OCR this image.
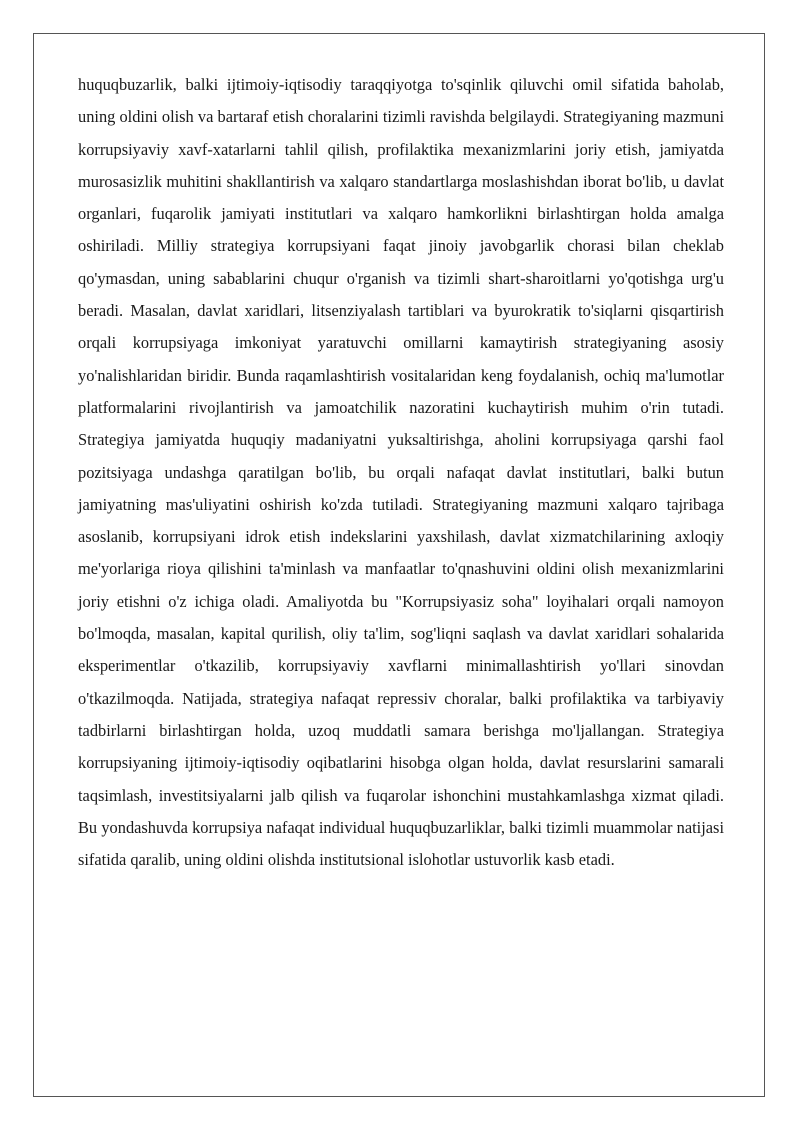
huquqbuzarlik, balki ijtimoiy-iqtisodiy taraqqiyotga to'sqinlik qiluvchi omil sifatida baholab, uning oldini olish va bartaraf etish choralarini tizimli ravishda belgilaydi. Strategiyaning mazmuni korrupsiyaviy xavf-xatarlarni tahlil qilish, profilaktika mexanizmlarini joriy etish, jamiyatda murosasizlik muhitini shakllantirish va xalqaro standartlarga moslashishdan iborat bo'lib, u davlat organlari, fuqarolik jamiyati institutlari va xalqaro hamkorlikni birlashtirgan holda amalga oshiriladi. Milliy strategiya korrupsiyani faqat jinoiy javobgarlik chorasi bilan cheklab qo'ymasdan, uning sabablarini chuqur o'rganish va tizimli shart-sharoitlarni yo'qotishga urg'u beradi. Masalan, davlat xaridlari, litsenziyalash tartiblari va byurokratik to'siqlarni qisqartirish orqali korrupsiyaga imkoniyat yaratuvchi omillarni kamaytirish strategiyaning asosiy yo'nalishlaridan biridir. Bunda raqamlashtirish vositalaridan keng foydalanish, ochiq ma'lumotlar platformalarini rivojlantirish va jamoatchilik nazoratini kuchaytirish muhim o'rin tutadi. Strategiya jamiyatda huquqiy madaniyatni yuksaltirishga, aholini korrupsiyaga qarshi faol pozitsiyaga undashga qaratilgan bo'lib, bu orqali nafaqat davlat institutlari, balki butun jamiyatning mas'uliyatini oshirish ko'zda tutiladi. Strategiyaning mazmuni xalqaro tajribaga asoslanib, korrupsiyani idrok etish indekslarini yaxshilash, davlat xizmatchilarining axloqiy me'yorlariga rioya qilishini ta'minlash va manfaatlar to'qnashuvini oldini olish mexanizmlarini joriy etishni o'z ichiga oladi. Amaliyotda bu "Korrupsiyasiz soha" loyihalari orqali namoyon bo'lmoqda, masalan, kapital qurilish, oliy ta'lim, sog'liqni saqlash va davlat xaridlari sohalarida eksperimentlar o'tkazilib, korrupsiyaviy xavflarni minimallashtirish yo'llari sinovdan o'tkazilmoqda. Natijada, strategiya nafaqat repressiv choralar, balki profilaktika va tarbiyaviy tadbirlarni birlashtirgan holda, uzoq muddatli samara berishga mo'ljallangan. Strategiya korrupsiyaning ijtimoiy-iqtisodiy oqibatlarini hisobga olgan holda, davlat resurslarini samarali taqsimlash, investitsiyalarni jalb qilish va fuqarolar ishonchini mustahkamlashga xizmat qiladi. Bu yondashuvda korrupsiya nafaqat individual huquqbuzarliklar, balki tizimli muammolar natijasi sifatida qaralib, uning oldini olishda institutsional islohotlar ustuvorlik kasb etadi.
